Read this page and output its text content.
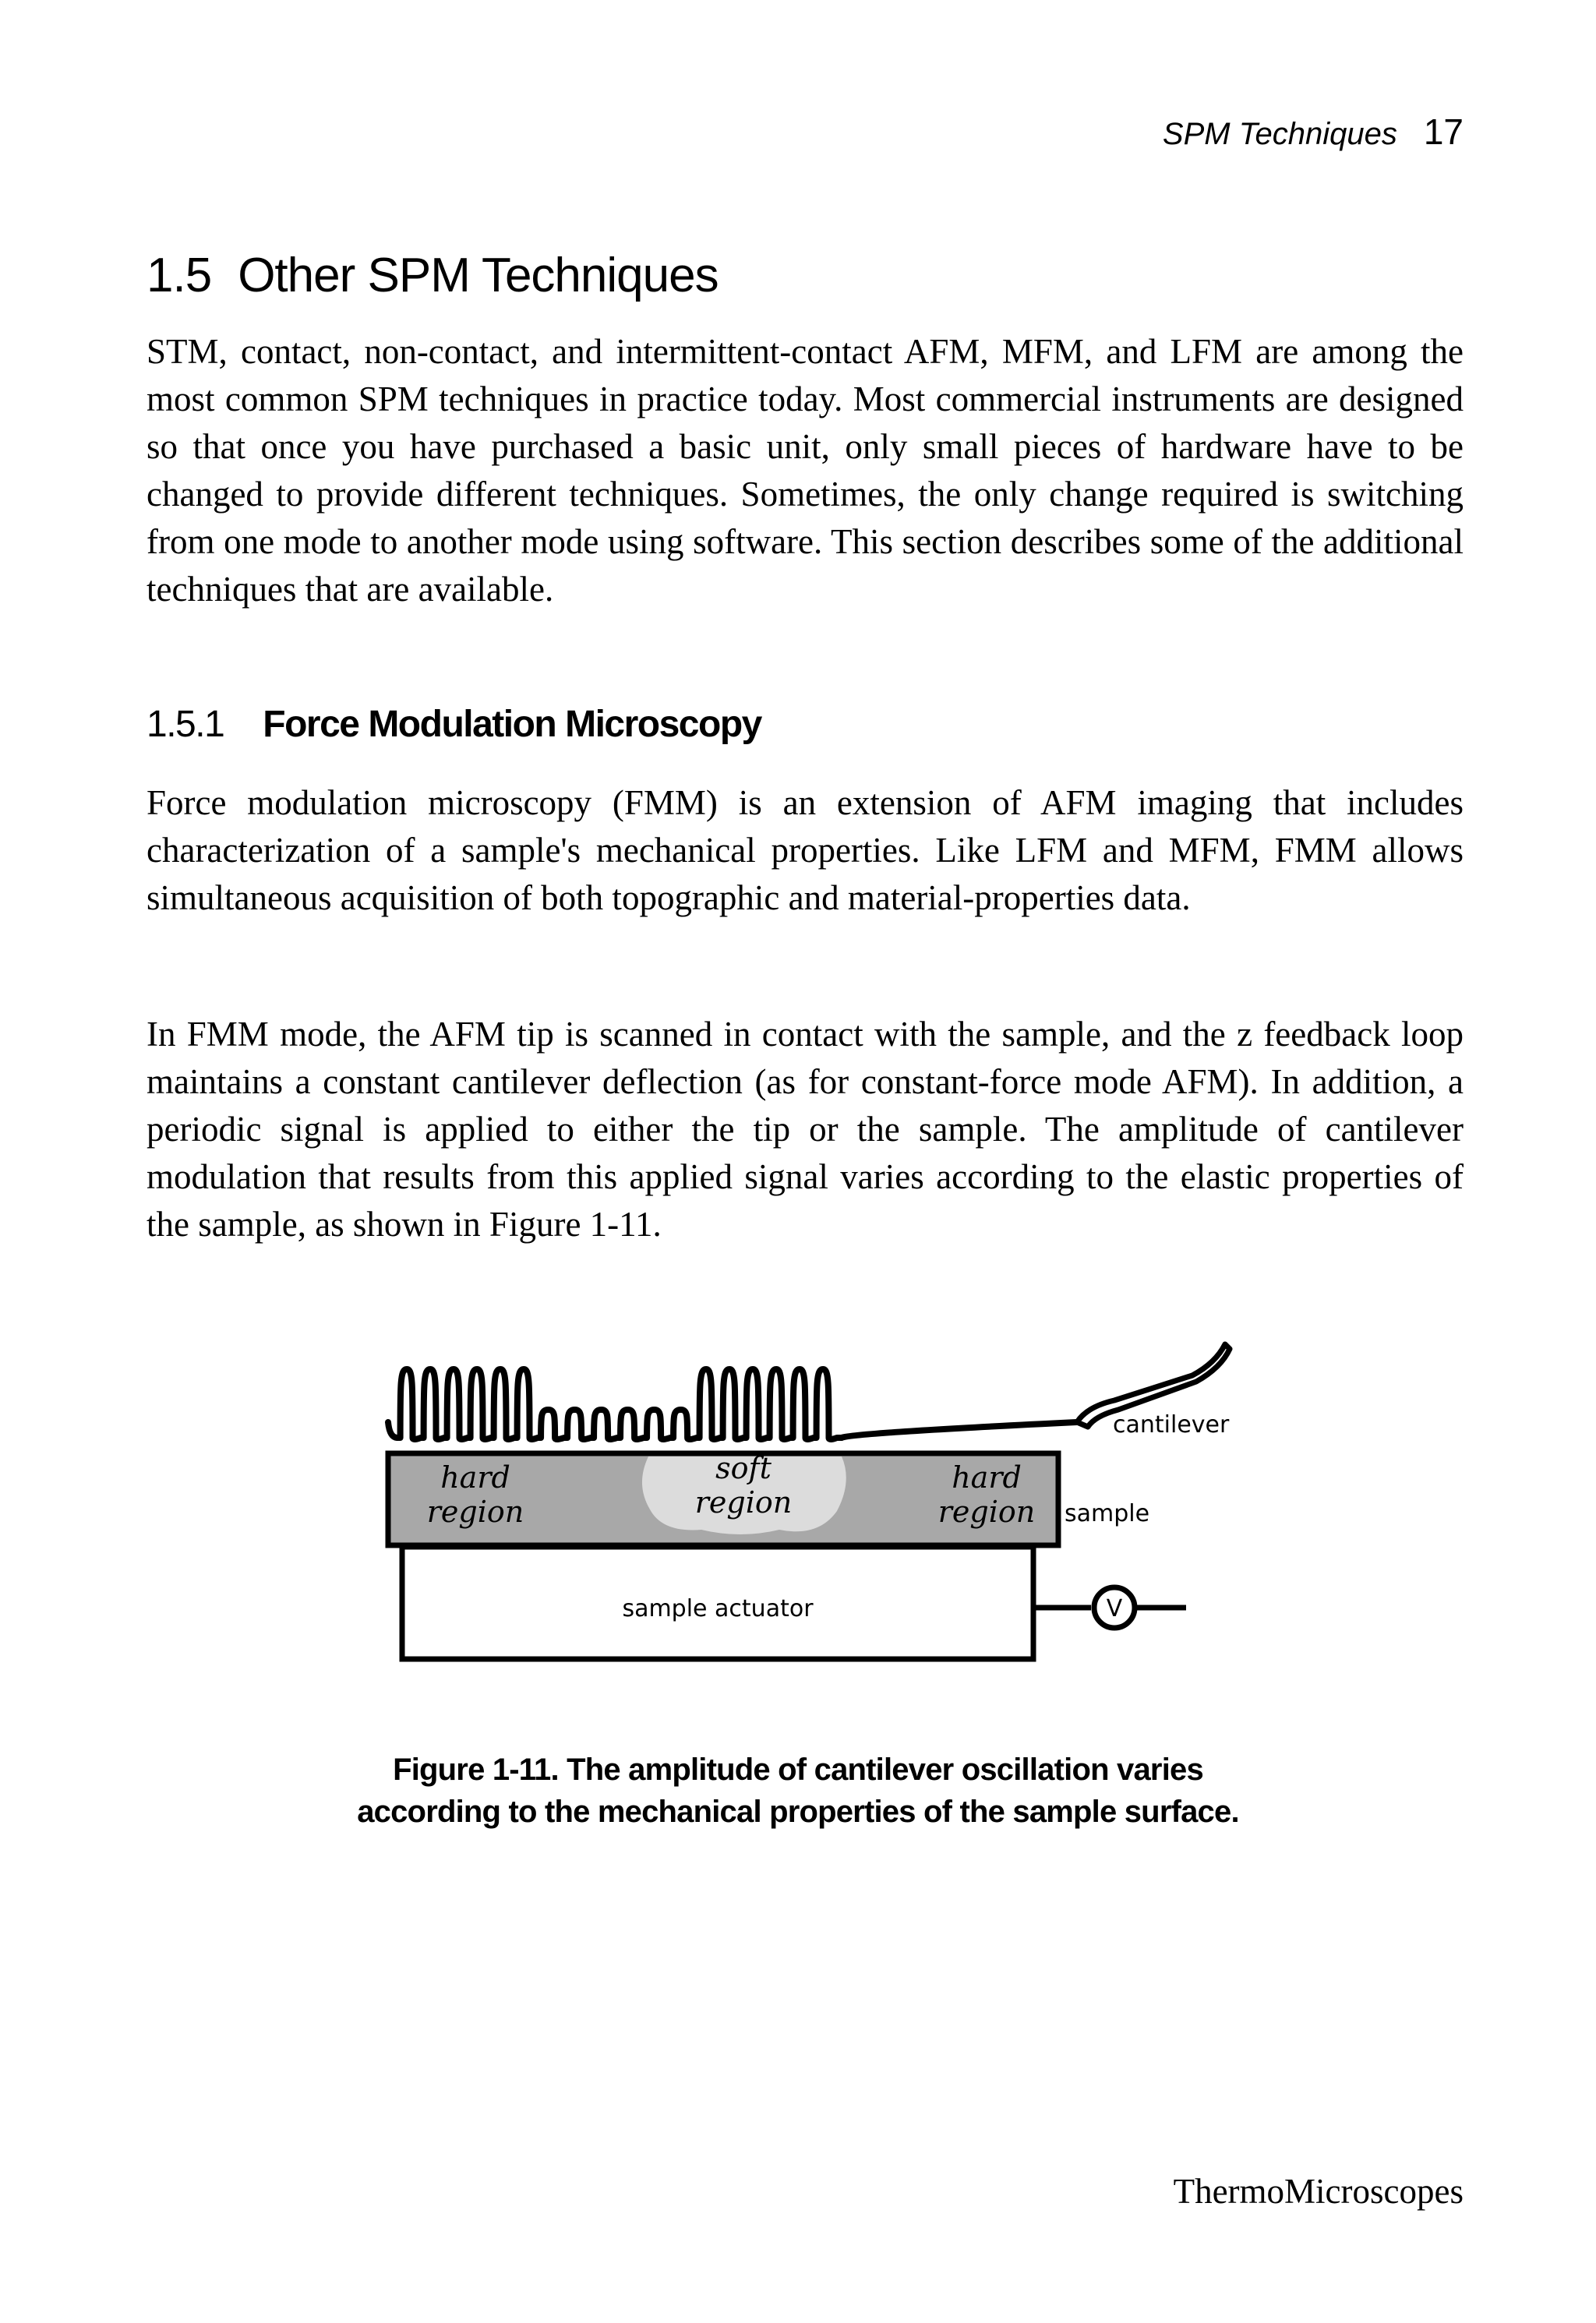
SPM Techniques 17
1.5 Other SPM Techniques

STM, contact, non-contact, and intermittent-contact AFM, MFM, and LFM are among the most common SPM techniques in practice today. Most commercial instruments are designed so that once you have purchased a basic unit, only small pieces of hardware have to be changed to provide different techniques. Sometimes, the only change required is switching from one mode to another mode using software. This section describes some of the additional techniques that are available.

1.5.1 Force Modulation Microscopy

Force modulation microscopy (FMM) is an extension of AFM imaging that includes characterization of a sample's mechanical properties. Like LFM and MFM, FMM allows simultaneous acquisition of both topographic and material-properties data.

In FMM mode, the AFM tip is scanned in contact with the sample, and the z feedback loop maintains a constant cantilever deflection (as for constant-force mode AFM). In addition, a periodic signal is applied to either the tip or the sample. The amplitude of cantilever modulation that results from this applied signal varies according to the elastic properties of the sample, as shown in Figure 1-11.

cantilever
sample
hard
region
soft
region
hard
region
sample actuator	V
Figure 1-11. The amplitude of cantilever oscillation varies
according to the mechanical properties of the sample surface.
ThermoMicroscopes
